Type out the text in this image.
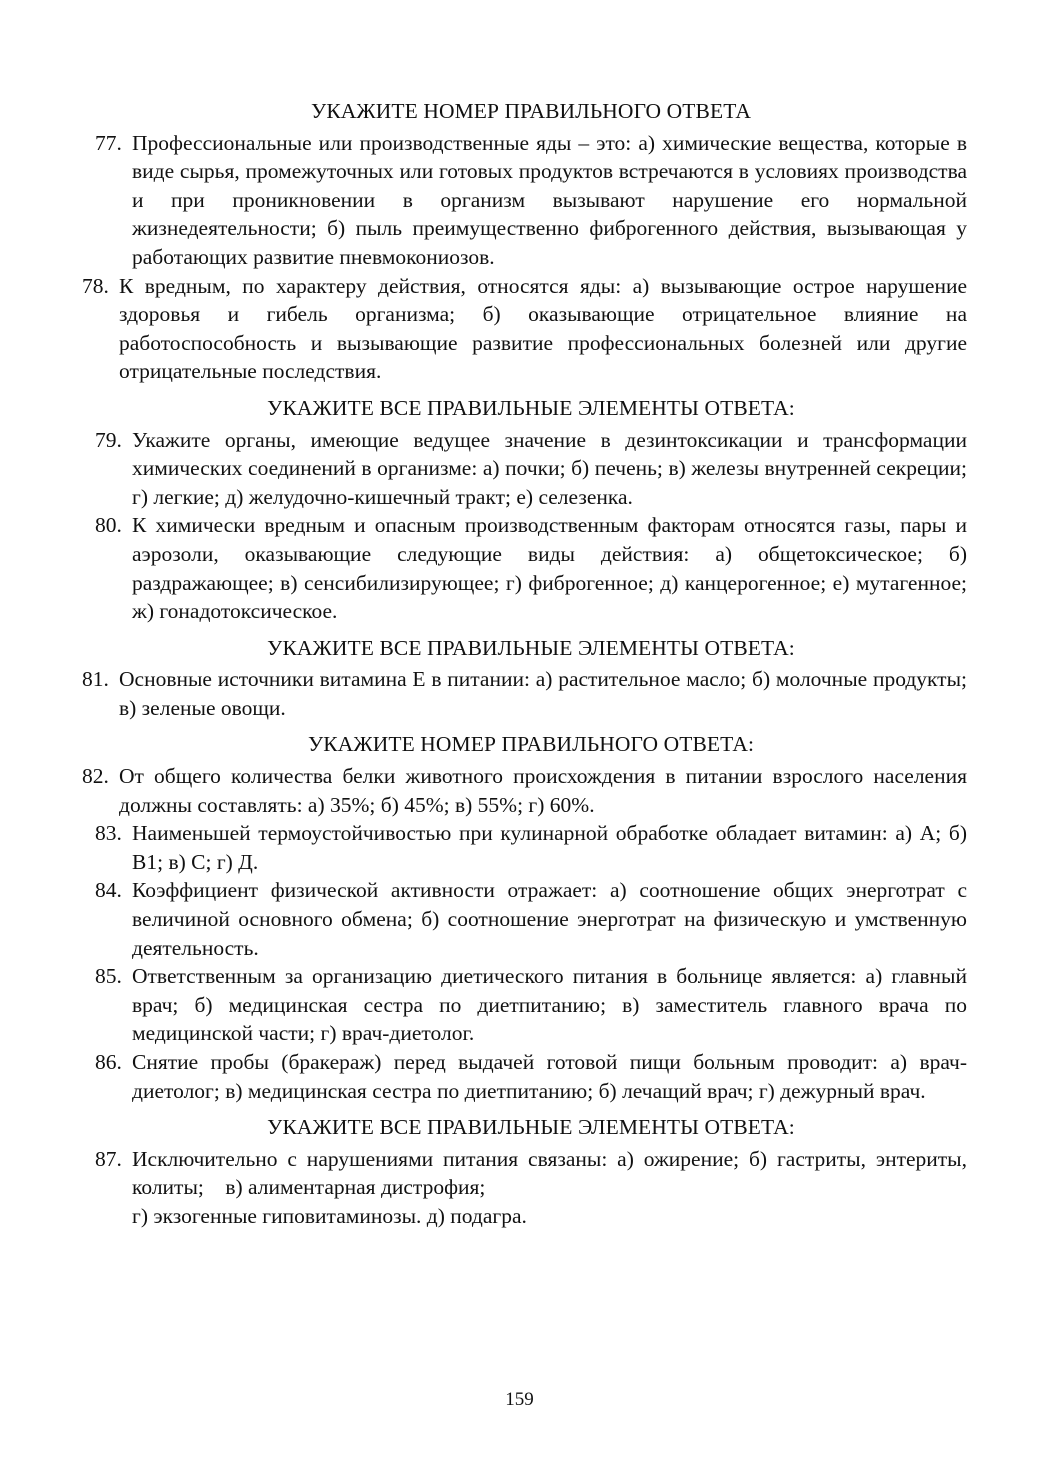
УКАЖИТЕ НОМЕР ПРАВИЛЬНОГО ОТВЕТА

77. Профессиональные или производственные яды – это: а) химические вещества, которые в виде сырья, промежуточных или готовых продуктов встречаются в условиях производства и при проникновении в организм вызывают нарушение его нормальной жизнедеятельности; б) пыль преимущественно фиброгенного действия, вызывающая у работающих развитие пневмокониозов.

78. К вредным, по характеру действия, относятся яды: а) вызывающие острое нарушение здоровья и гибель организма; б) оказывающие отрицательное влияние на работоспособность и вызывающие развитие профессиональных болезней или другие отрицательные последствия.

УКАЖИТЕ ВСЕ ПРАВИЛЬНЫЕ ЭЛЕМЕНТЫ ОТВЕТА:

79. Укажите органы, имеющие ведущее значение в дезинтоксикации и трансформации химических соединений в организме: а) почки; б) печень; в) железы внутренней секреции; г) легкие; д) желудочно-кишечный тракт; е) селезенка.

80. К химически вредным и опасным производственным факторам относятся газы, пары и аэрозоли, оказывающие следующие виды действия: а) общетоксическое; б) раздражающее; в) сенсибилизирующее; г) фиброгенное; д) канцерогенное; е) мутагенное; ж) гонадотоксическое.

УКАЖИТЕ ВСЕ ПРАВИЛЬНЫЕ ЭЛЕМЕНТЫ ОТВЕТА:

81. Основные источники витамина Е в питании: а) растительное масло; б) молочные продукты; в) зеленые овощи.

УКАЖИТЕ НОМЕР ПРАВИЛЬНОГО ОТВЕТА:

82. От общего количества белки животного происхождения в питании взрослого населения должны составлять: а) 35%; б) 45%; в) 55%; г) 60%.

83. Наименьшей термоустойчивостью при кулинарной обработке обладает витамин: а) А; б) В1; в) С; г) Д.

84. Коэффициент физической активности отражает: а) соотношение общих энерготрат с величиной основного обмена; б) соотношение энерготрат на физическую и умственную деятельность.

85. Ответственным за организацию диетического питания в больнице является: а) главный врач; б) медицинская сестра по диетпитанию; в) заместитель главного врача по медицинской части; г) врач-диетолог.

86. Снятие пробы (бракераж) перед выдачей готовой пищи больным проводит: а) врач-диетолог; в) медицинская сестра по диетпитанию; б) лечащий врач; г) дежурный врач.

УКАЖИТЕ ВСЕ ПРАВИЛЬНЫЕ ЭЛЕМЕНТЫ ОТВЕТА:

87. Исключительно с нарушениями питания связаны: а) ожирение; б) гастриты, энтериты, колиты;    в) алиментарная дистрофия;
г) экзогенные гиповитаминозы. д) подагра.

159
